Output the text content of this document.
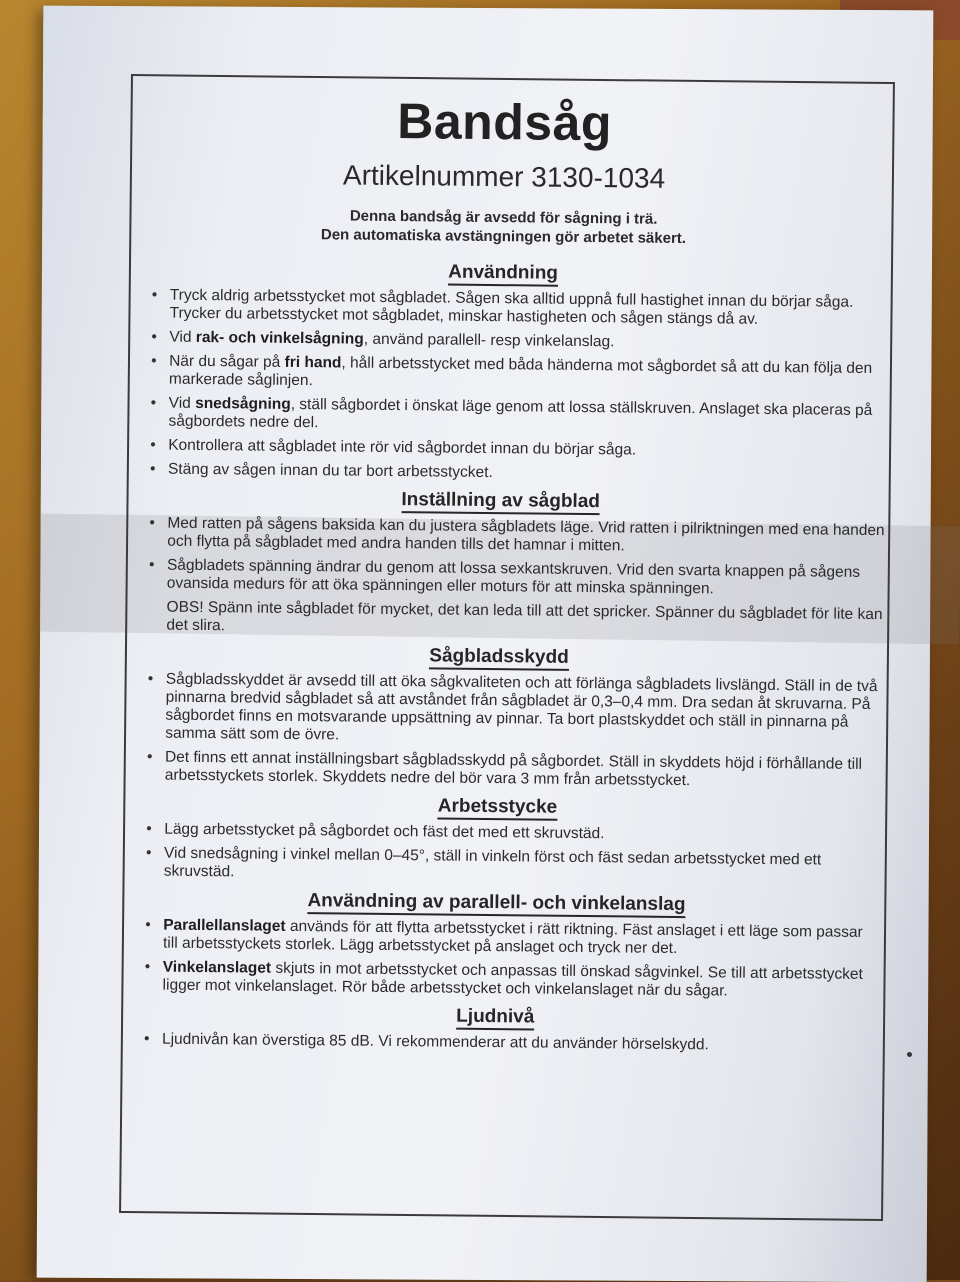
Bandsåg
Artikelnummer 3130-1034
Denna bandsåg är avsedd för sågning i trä.
Den automatiska avstängningen gör arbetet säkert.
Användning
• Tryck aldrig arbetsstycket mot sågbladet. Sågen ska alltid uppnå full hastighet innan du börjar såga. Trycker du arbetsstycket mot sågbladet, minskar hastigheten och sågen stängs då av.
• Vid rak- och vinkelsågning, använd parallell- resp vinkelanslag.
• När du sågar på fri hand, håll arbetsstycket med båda händerna mot sågbordet så att du kan följa den markerade såglinjen.
• Vid snedsågning, ställ sågbordet i önskat läge genom att lossa ställskruven. Anslaget ska placeras på sågbordets nedre del.
• Kontrollera att sågbladet inte rör vid sågbordet innan du börjar såga.
• Stäng av sågen innan du tar bort arbetsstycket.
Inställning av sågblad
• Med ratten på sågens baksida kan du justera sågbladets läge. Vrid ratten i pilriktningen med ena handen och flytta på sågbladet med andra handen tills det hamnar i mitten.
• Sågbladets spänning ändrar du genom att lossa sexkantskruven. Vrid den svarta knappen på sågens ovansida medurs för att öka spänningen eller moturs för att minska spänningen.

OBS! Spänn inte sågbladet för mycket, det kan leda till att det spricker. Spänner du sågbladet för lite kan det slira.

Sågbladsskydd
• Sågbladsskyddet är avsedd till att öka sågkvaliteten och att förlänga sågbladets livslängd. Ställ in de två pinnarna bredvid sågbladet så att avståndet från sågbladet är 0,3–0,4 mm. Dra sedan åt skruvarna. På sågbordet finns en motsvarande uppsättning av pinnar. Ta bort plastskyddet och ställ in pinnarna på samma sätt som de övre.
• Det finns ett annat inställningsbart sågbladsskydd på sågbordet. Ställ in skyddets höjd i förhållande till arbetsstyckets storlek. Skyddets nedre del bör vara 3 mm från arbetsstycket.
Arbetsstycke
• Lägg arbetsstycket på sågbordet och fäst det med ett skruvstäd.
• Vid snedsågning i vinkel mellan 0–45°, ställ in vinkeln först och fäst sedan arbetsstycket med ett skruvstäd.
Användning av parallell- och vinkelanslag
• Parallellanslaget används för att flytta arbetsstycket i rätt riktning. Fäst anslaget i ett läge som passar till arbetsstyckets storlek. Lägg arbetsstycket på anslaget och tryck ner det.
• Vinkelanslaget skjuts in mot arbetsstycket och anpassas till önskad sågvinkel. Se till att arbetsstycket ligger mot vinkelanslaget. Rör både arbetsstycket och vinkelanslaget när du sågar.
Ljudnivå
• Ljudnivån kan överstiga 85 dB. Vi rekommenderar att du använder hörselskydd.
